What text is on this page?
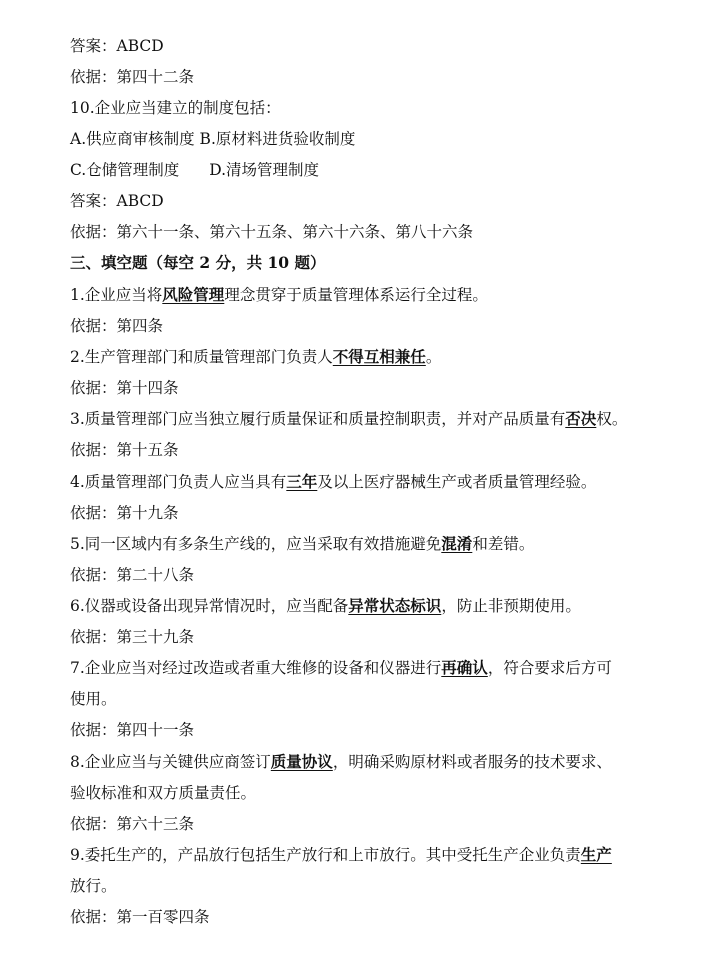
答案：ABCD
依据：第四十二条
10.企业应当建立的制度包括：
A.供应商审核制度 B.原材料进货验收制度
C.仓储管理制度 D.清场管理制度
答案：ABCD
依据：第六十一条、第六十五条、第六十六条、第八十六条
三、填空题（每空 2 分，共 10 题）
1.企业应当将风险管理理念贯穿于质量管理体系运行全过程。
依据：第四条
2.生产管理部门和质量管理部门负责人不得互相兼任。
依据：第十四条
3.质量管理部门应当独立履行质量保证和质量控制职责，并对产品质量有否决权。
依据：第十五条
4.质量管理部门负责人应当具有三年及以上医疗器械生产或者质量管理经验。
依据：第十九条
5.同一区域内有多条生产线的，应当采取有效措施避免混淆和差错。
依据：第二十八条
6.仪器或设备出现异常情况时，应当配备异常状态标识，防止非预期使用。
依据：第三十九条
7.企业应当对经过改造或者重大维修的设备和仪器进行再确认，符合要求后方可
使用。
依据：第四十一条
8.企业应当与关键供应商签订质量协议，明确采购原材料或者服务的技术要求、
验收标准和双方质量责任。
依据：第六十三条
9.委托生产的，产品放行包括生产放行和上市放行。其中受托生产企业负责生产
放行。
依据：第一百零四条
